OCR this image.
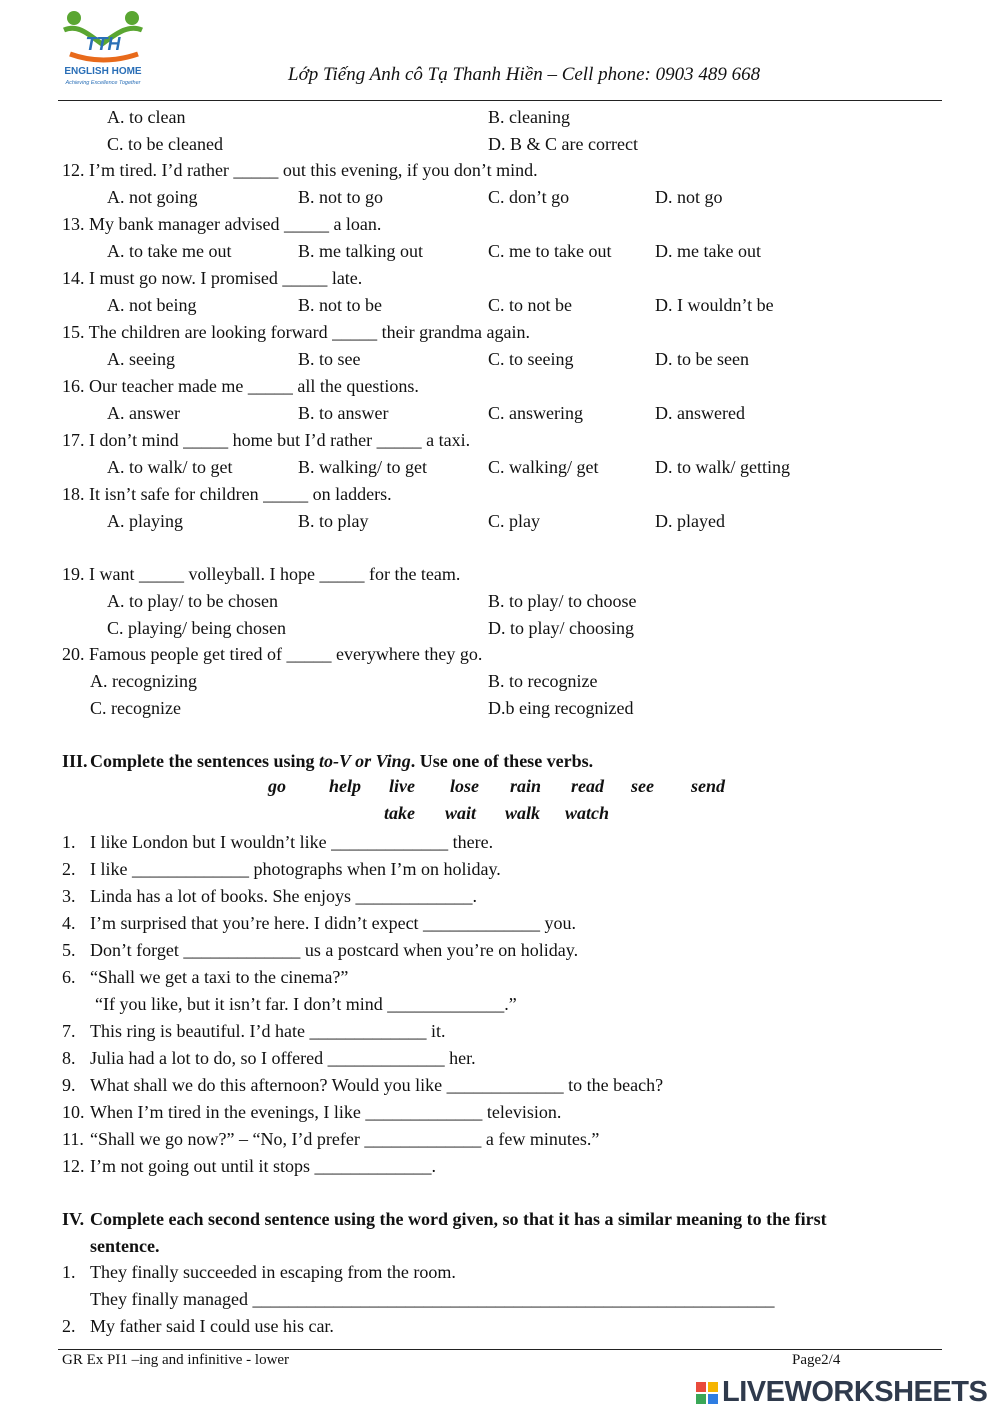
TTH
ENGLISH HOME
Achieving Excellence Together	Lớp Tiếng Anh cô Tạ Thanh Hiền – Cell phone: 0903 489 668
A. to clean	B. cleaning
C. to be cleaned	D. B & C are correct
12. I’m tired. I’d rather _____ out this evening, if you don’t mind.
A. not going	B. not to go	C. don’t go	D. not go
13. My bank manager advised _____ a loan.
A. to take me out	B. me talking out	C. me to take out D. me take out
14. I must go now. I promised _____ late.
A. not being	B. not to be	C. to not be	D. I wouldn’t be
15. The children are looking forward _____ their grandma again.
A. seeing	B. to see	C. to seeing	D. to be seen
16. Our teacher made me _____ all the questions.
A. answer	B. to answer	C. answering	D. answered
17. I don’t mind _____ home but I’d rather _____ a taxi.
A. to walk/ to get	B. walking/ to get	C. walking/ get	D. to walk/ getting
18. It isn’t safe for children _____ on ladders.
A. playing	B. to play	C. play	D. played
19. I want _____ volleyball. I hope _____ for the team.
A. to play/ to be chosen	B. to play/ to choose
C. playing/ being chosen	D. to play/ choosing
20. Famous people get tired of _____ everywhere they go.
A. recognizing	B. to recognize
C. recognize	D.b eing recognized
III. Complete the sentences using to-V or Ving. Use one of these verbs.
go help live lose rain read see send
take wait walk watch
1. I like London but I wouldn’t like _____________ there.
2. I like _____________ photographs when I’m on holiday.
3. Linda has a lot of books. She enjoys _____________.
4. I’m surprised that you’re here. I didn’t expect _____________ you.
5. Don’t forget _____________ us a postcard when you’re on holiday.
6. “Shall we get a taxi to the cinema?”
“If you like, but it isn’t far. I don’t mind _____________.”
7. This ring is beautiful. I’d hate _____________ it.
8. Julia had a lot to do, so I offered _____________ her.
9. What shall we do this afternoon? Would you like _____________ to the beach?
10. When I’m tired in the evenings, I like _____________ television.
11. “Shall we go now?” – “No, I’d prefer _____________ a few minutes.”
12. I’m not going out until it stops _____________.
IV. Complete each second sentence using the word given, so that it has a similar meaning to the first
sentence.
1. They finally succeeded in escaping from the room.
They finally managed __________________________________________________________
2. My father said I could use his car.
GR Ex PI1 –ing and infinitive - lower	Page2/4
LIVEWORKSHEETS
